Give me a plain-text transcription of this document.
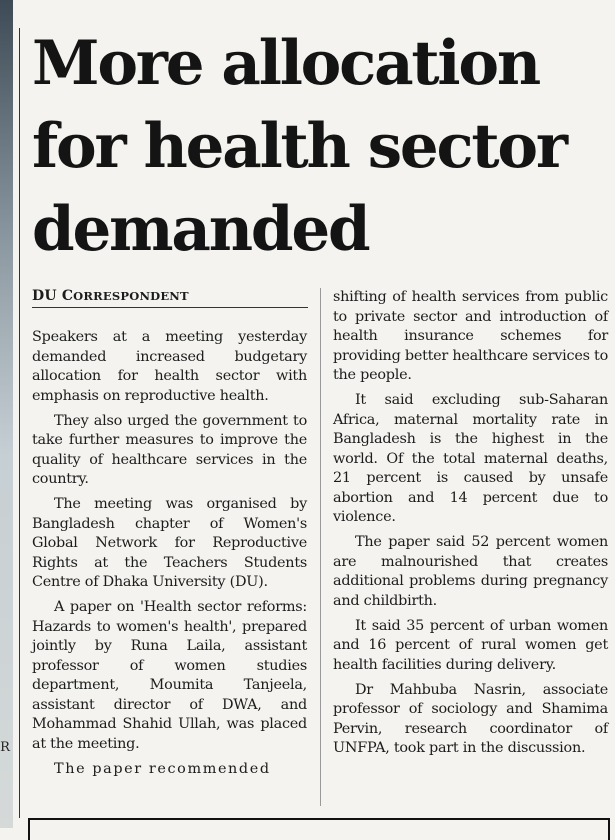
R
More allocation
for health sector
demanded
DU CORRESPONDENT

Speakers at a meeting yesterday demanded increased budgetary allocation for health sector with emphasis on reproductive health.

They also urged the government to take further measures to improve the quality of healthcare services in the country.

The meeting was organised by Bangladesh chapter of Women's Global Network for Reproductive Rights at the Teachers Students Centre of Dhaka University (DU).

A paper on 'Health sector reforms: Hazards to women's health', prepared jointly by Runa Laila, assistant professor of women studies department, Moumita Tanjeela, assistant director of DWA, and Mohammad Shahid Ullah, was placed at the meeting.

The paper recommended

shifting of health services from public to private sector and introduction of health insurance schemes for providing better healthcare services to the people.

It said excluding sub-Saharan Africa, maternal mortality rate in Bangladesh is the highest in the world. Of the total maternal deaths, 21 percent is caused by unsafe abortion and 14 percent due to violence.

The paper said 52 percent women are malnourished that creates additional problems during pregnancy and childbirth.

It said 35 percent of urban women and 16 percent of rural women get health facilities during delivery.

Dr Mahbuba Nasrin, associate professor of sociology and Shamima Pervin, research coordinator of UNFPA, took part in the discussion.
